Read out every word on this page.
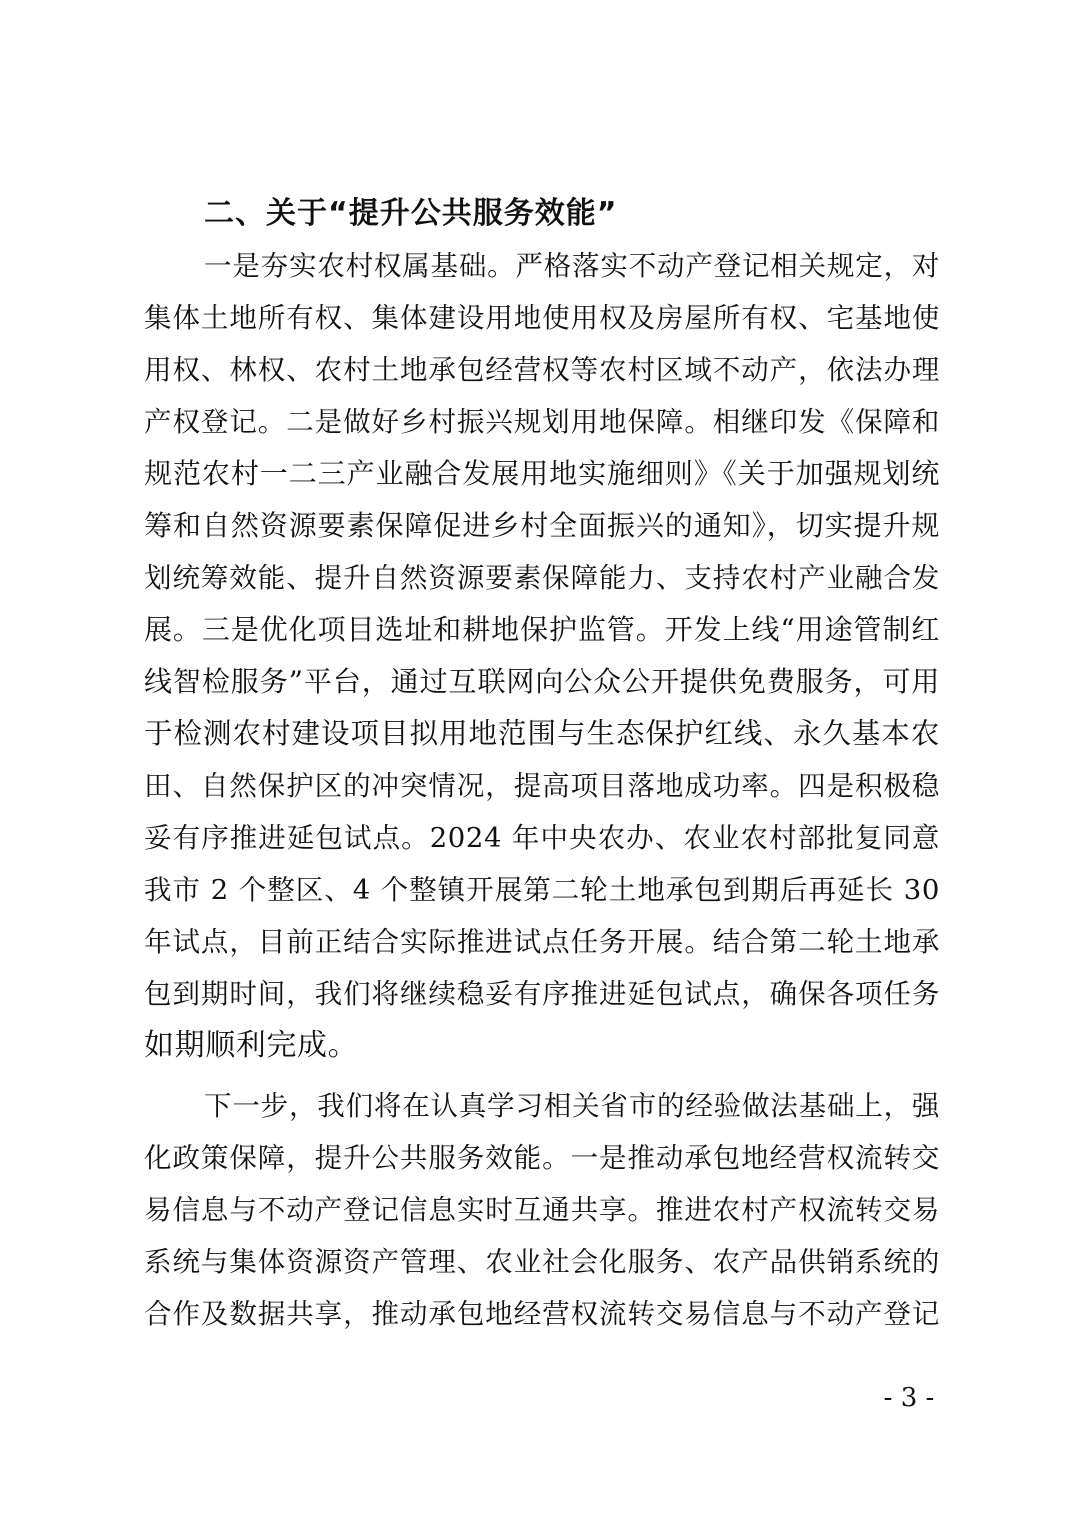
二、关于“提升公共服务效能”
一是夯实农村权属基础。严格落实不动产登记相关规定，对
集体土地所有权、集体建设用地使用权及房屋所有权、宅基地使
用权、林权、农村土地承包经营权等农村区域不动产，依法办理
产权登记。二是做好乡村振兴规划用地保障。相继印发《保障和
规范农村一二三产业融合发展用地实施细则》《关于加强规划统
筹和自然资源要素保障促进乡村全面振兴的通知》，切实提升规
划统筹效能、提升自然资源要素保障能力、支持农村产业融合发
展。三是优化项目选址和耕地保护监管。开发上线“用途管制红
线智检服务”平台，通过互联网向公众公开提供免费服务，可用
于检测农村建设项目拟用地范围与生态保护红线、永久基本农
田、自然保护区的冲突情况，提高项目落地成功率。四是积极稳
妥有序推进延包试点。2024 年中央农办、农业农村部批复同意
我市 2 个整区、4 个整镇开展第二轮土地承包到期后再延长 30
年试点，目前正结合实际推进试点任务开展。结合第二轮土地承
包到期时间，我们将继续稳妥有序推进延包试点，确保各项任务
如期顺利完成。
下一步，我们将在认真学习相关省市的经验做法基础上，强
化政策保障，提升公共服务效能。一是推动承包地经营权流转交
易信息与不动产登记信息实时互通共享。推进农村产权流转交易
系统与集体资源资产管理、农业社会化服务、农产品供销系统的
合作及数据共享，推动承包地经营权流转交易信息与不动产登记
- 3 -
